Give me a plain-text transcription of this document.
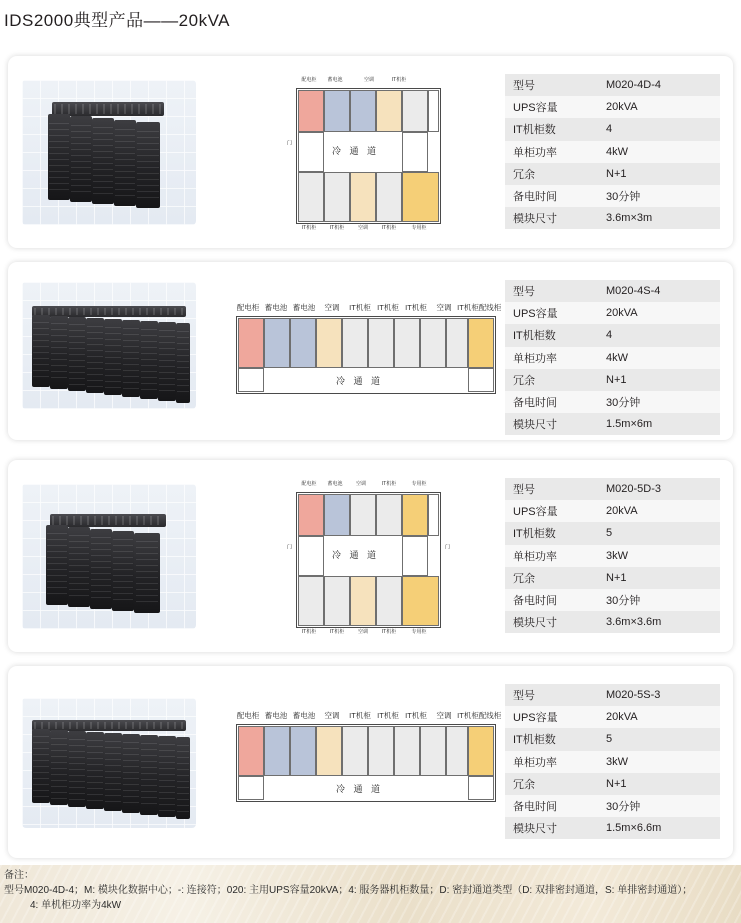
IDS2000典型产品——20kVA
配电柜	蓄电池	空调	IT机柜
冷 通 道
门
IT机柜	IT机柜	空调	IT机柜	专用柜
型号	M020-4D-4
UPS容量	20kVA
IT机柜数	4
单柜功率	4kW
冗余	N+1
备电时间	30分钟
模块尺寸	3.6m×3m
配电柜 蓄电池 蓄电池	空调	IT机柜 IT机柜 IT机柜	空调 IT机柜 配线柜
冷 通 道
型号	M020-4S-4
UPS容量	20kVA
IT机柜数	4
单柜功率	4kW
冗余	N+1
备电时间	30分钟
模块尺寸	1.5m×6m
配电柜	蓄电池	空调	IT机柜	专用柜
冷 通 道
门	门
IT机柜	IT机柜	空调	IT机柜	专用柜
型号	M020-5D-3
UPS容量	20kVA
IT机柜数	5
单柜功率	3kW
冗余	N+1
备电时间	30分钟
模块尺寸	3.6m×3.6m
配电柜 蓄电池 蓄电池	空调	IT机柜 IT机柜 IT机柜	空调 IT机柜 配线柜
冷 通 道
型号	M020-5S-3
UPS容量	20kVA
IT机柜数	5
单柜功率	3kW
冗余	N+1
备电时间	30分钟
模块尺寸	1.5m×6.6m
备注：
型号M020-4D-4；M: 模块化数据中心；-: 连接符；020: 主用UPS容量20kVA；4: 服务器机柜数量；D: 密封通道类型（D: 双排密封通道，S: 单排密封通道）；
4: 单机柜功率为4kW
